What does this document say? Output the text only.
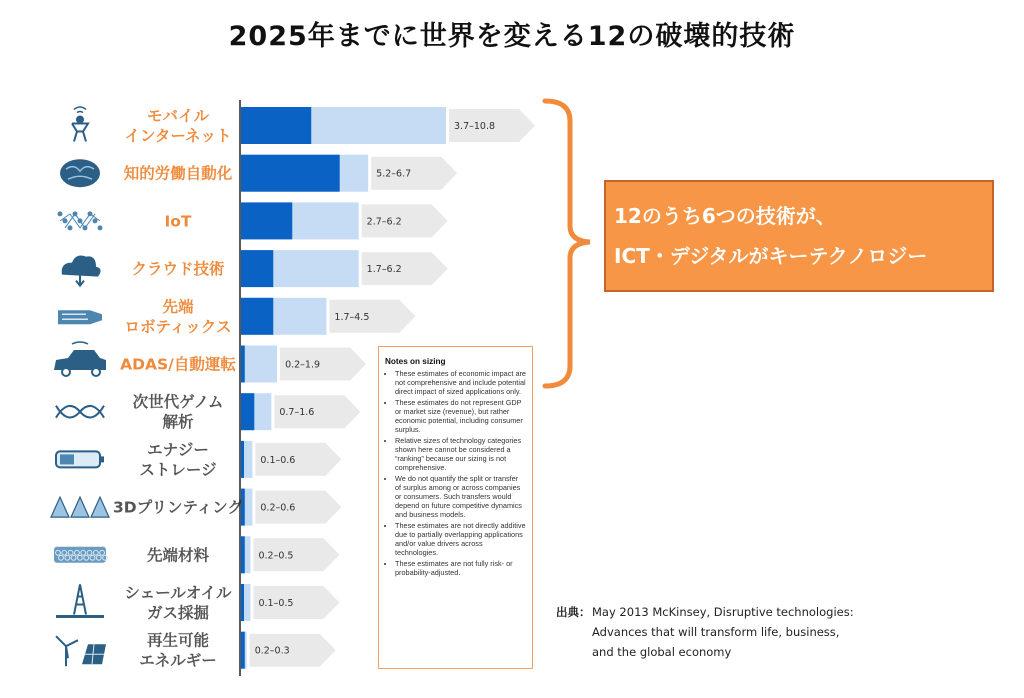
2025年までに世界を変える12の破壊的技術
3.7–10.8
モバイル
インターネット
5.2–6.7
知的労働自動化
2.7–6.2
IoT
1.7–6.2
クラウド技術
1.7–4.5
先端
ロボティックス
0.2–1.9
ADAS/自動運転
0.7–1.6
次世代ゲノム
解析
0.1–0.6
エナジー
ストレージ
0.2–0.6
3Dプリンティング
0.2–0.5
先端材料
0.1–0.5
シェールオイル
ガス採掘
0.2–0.3
再生可能
エネルギー
12のうち6つの技術が、
ICT・デジタルがキーテクノロジー
Notes on sizing
• These estimates of economic impact are not comprehensive and include potential direct impact of sized applications only.
• These estimates do not represent GDP or market size (revenue), but rather economic potential, including consumer surplus.
• Relative sizes of technology categories shown here cannot be considered a “ranking” because our sizing is not comprehensive.
• We do not quantify the split or transfer of surplus among or across companies or consumers. Such transfers would depend on future competitive dynamics and business models.
• These estimates are not directly additive due to partially overlapping applications and/or value drivers across technologies.
• These estimates are not fully risk- or probability-adjusted.
出典： May 2013 McKinsey, Disruptive technologies:
Advances that will transform life, business,
and the global economy
